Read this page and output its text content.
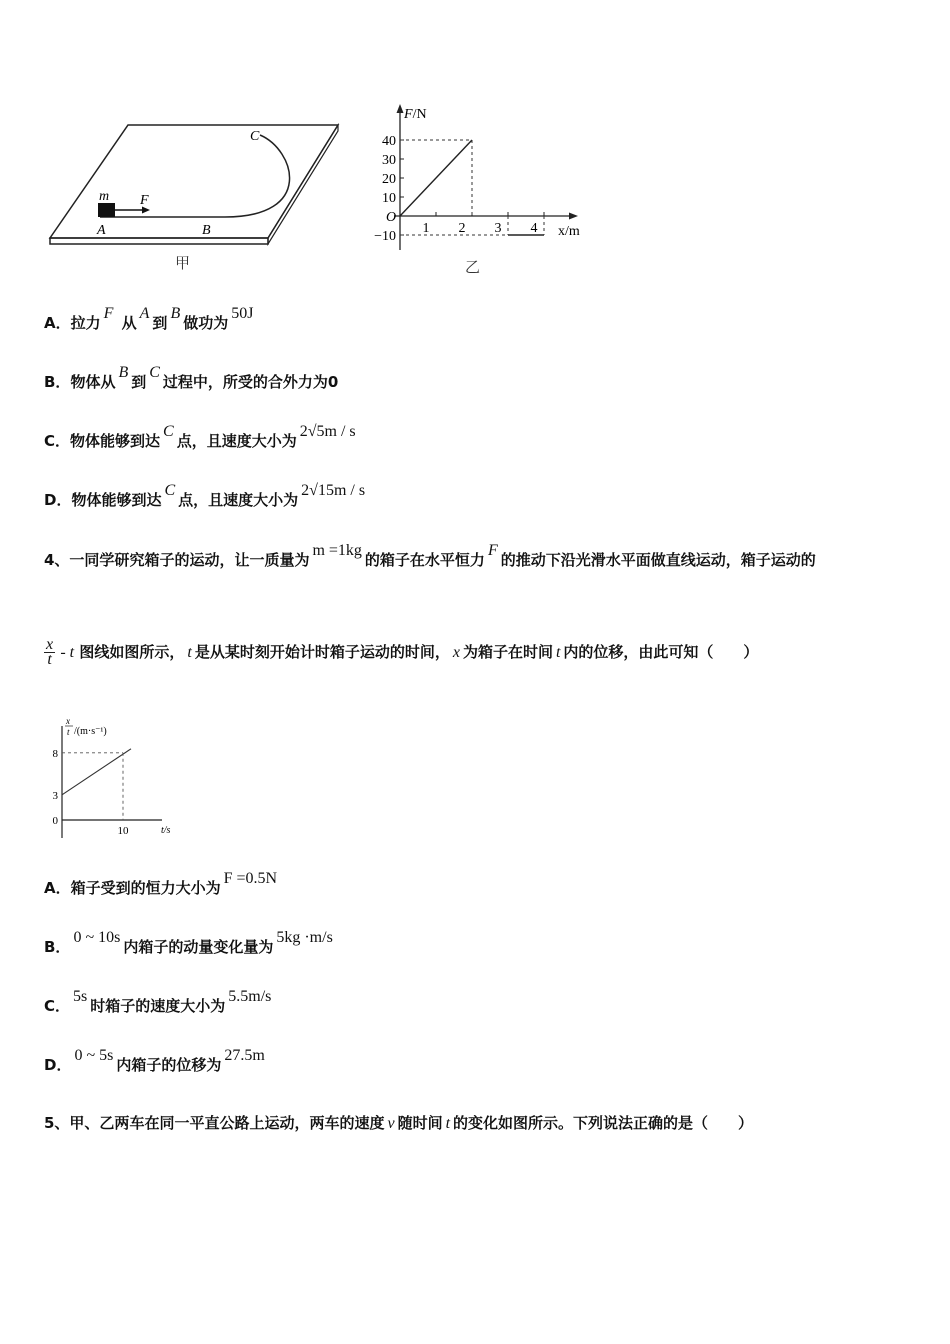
m F
A	B
C
甲
F/N
F/N
x/m
O
40
30
20
10
−10
1 2 3 4
乙
A．拉力F 从A到B做功为50J
B．物体从B到C过程中，所受的合外力为0
C．物体能够到达C点，且速度大小为2√5m / s
D．物体能够到达C点，且速度大小为2√15m / s
4、一同学研究箱子的运动，让一质量为m =1kg的箱子在水平恒力F的推动下沿光滑水平面做直线运动，箱子运动的
$\frac{x}{t}$ - t 图线如图所示， t 是从某时刻开始计时箱子运动的时间， x 为箱子在时间 t 内的位移，由此可知（　　）
x
t /(m·s⁻¹)
t/s
8
3
0
10
A．箱子受到的恒力大小为F =0.5N
B．0 ~ 10s内箱子的动量变化量为5kg ·m/s
C．5s时箱子的速度大小为5.5m/s
D．0 ~ 5s内箱子的位移为27.5m
5、甲、乙两车在同一平直公路上运动，两车的速度 v 随时间 t 的变化如图所示。下列说法正确的是（　　）
